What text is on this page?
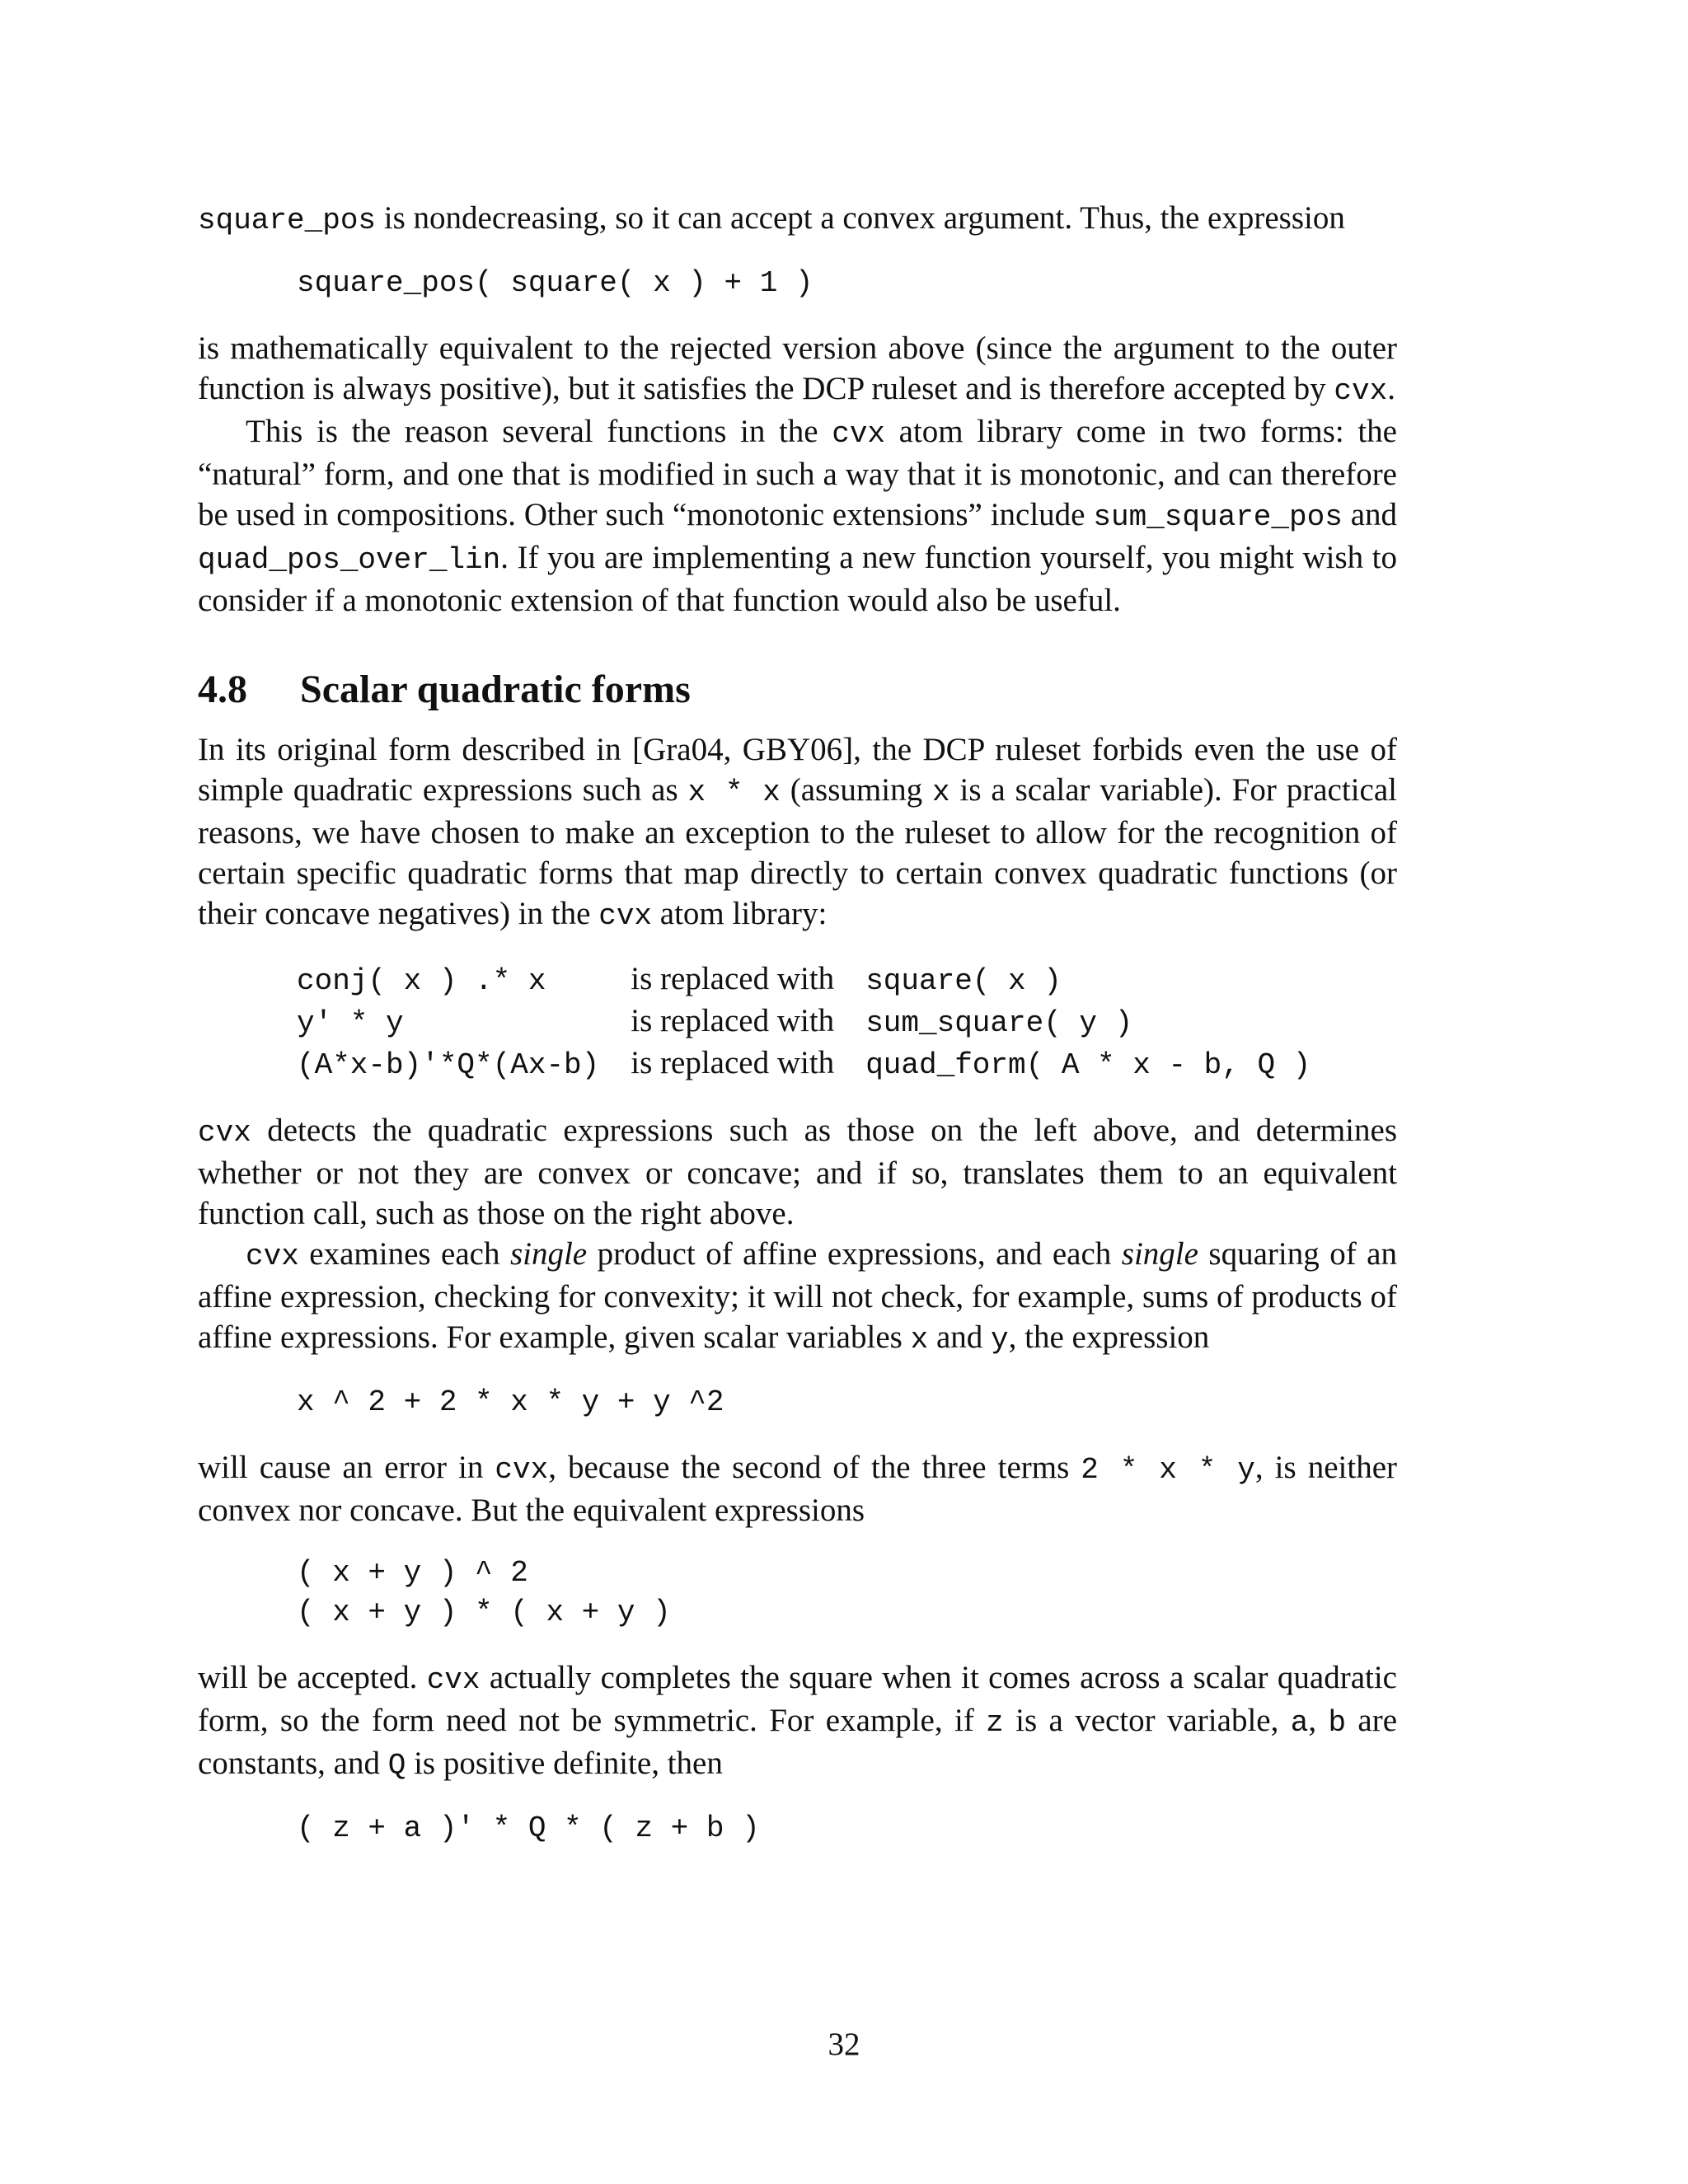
square_pos is nondecreasing, so it can accept a convex argument. Thus, the expression

square_pos( square( x ) + 1 )

is mathematically equivalent to the rejected version above (since the argument to the outer function is always positive), but it satisfies the DCP ruleset and is therefore accepted by cvx.

This is the reason several functions in the cvx atom library come in two forms: the “natural” form, and one that is modified in such a way that it is monotonic, and can therefore be used in compositions. Other such “monotonic extensions” include sum_square_pos and quad_pos_over_lin. If you are implementing a new function yourself, you might wish to consider if a monotonic extension of that function would also be useful.

4.8 Scalar quadratic forms

In its original form described in [Gra04, GBY06], the DCP ruleset forbids even the use of simple quadratic expressions such as x * x (assuming x is a scalar variable). For practical reasons, we have chosen to make an exception to the ruleset to allow for the recognition of certain specific quadratic forms that map directly to certain convex quadratic functions (or their concave negatives) in the cvx atom library:

conj( x ) .* x	is replaced with	square( x )
y' * y	is replaced with	sum_square( y )
(A*x-b)'*Q*(Ax-b)	is replaced with	quad_form( A * x - b, Q )

cvx detects the quadratic expressions such as those on the left above, and determines whether or not they are convex or concave; and if so, translates them to an equivalent function call, such as those on the right above.

cvx examines each single product of affine expressions, and each single squaring of an affine expression, checking for convexity; it will not check, for example, sums of products of affine expressions. For example, given scalar variables x and y, the expression

x ^ 2 + 2 * x * y + y ^2

will cause an error in cvx, because the second of the three terms 2 * x * y, is neither convex nor concave. But the equivalent expressions

( x + y ) ^ 2
( x + y ) * ( x + y )

will be accepted. cvx actually completes the square when it comes across a scalar quadratic form, so the form need not be symmetric. For example, if z is a vector variable, a, b are constants, and Q is positive definite, then

( z + a )' * Q * ( z + b )
32
